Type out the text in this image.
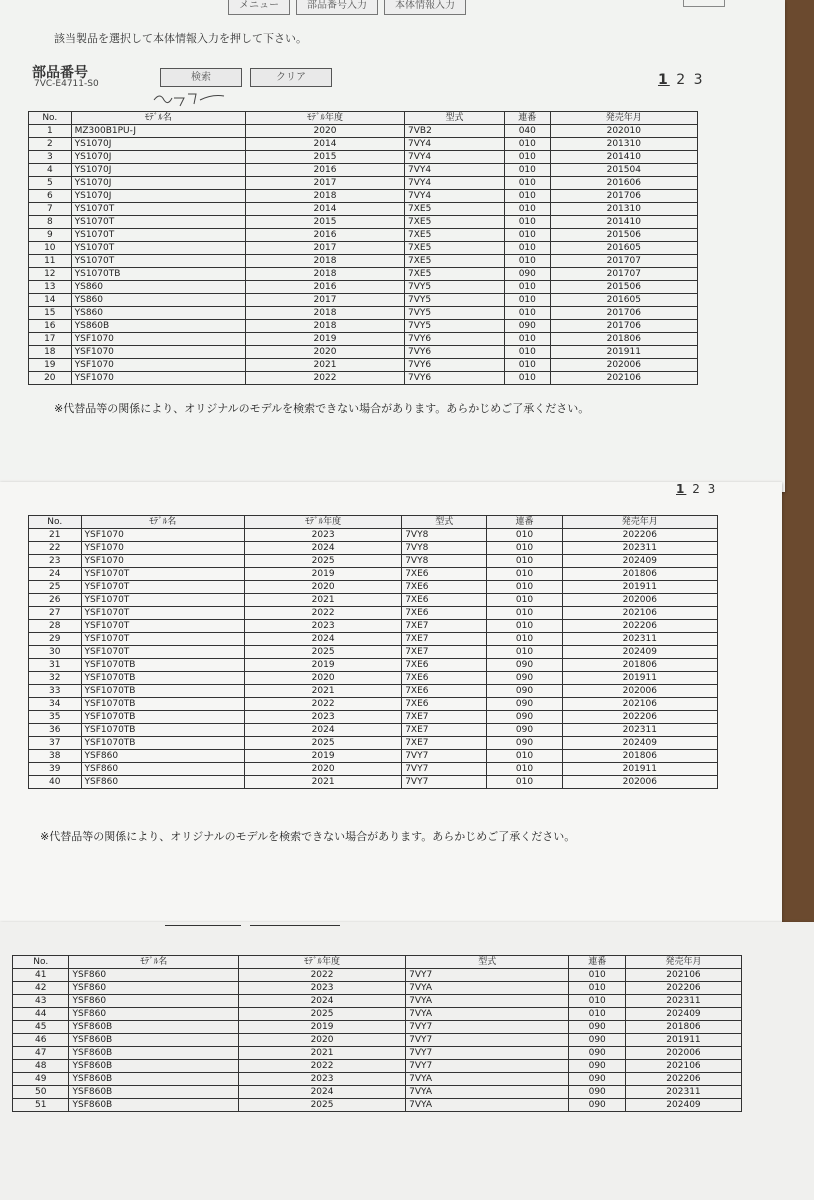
メニュー	部品番号入力	本体情報入力
該当製品を選択して本体情報入力を押して下さい。
部品番号
7VC-E4711-S0
検索	クリア	1 2 3
No.	ﾓﾃﾞﾙ名	ﾓﾃﾞﾙ年度	型式	連番	発売年月
1	MZ300B1PU-J	2020	7VB2	040	202010
2	YS1070J	2014	7VY4	010	201310
3	YS1070J	2015	7VY4	010	201410
4	YS1070J	2016	7VY4	010	201504
5	YS1070J	2017	7VY4	010	201606
6	YS1070J	2018	7VY4	010	201706
7	YS1070T	2014	7XE5	010	201310
8	YS1070T	2015	7XE5	010	201410
9	YS1070T	2016	7XE5	010	201506
10	YS1070T	2017	7XE5	010	201605
11	YS1070T	2018	7XE5	010	201707
12	YS1070TB	2018	7XE5	090	201707
13	YS860	2016	7VY5	010	201506
14	YS860	2017	7VY5	010	201605
15	YS860	2018	7VY5	010	201706
16	YS860B	2018	7VY5	090	201706
17	YSF1070	2019	7VY6	010	201806
18	YSF1070	2020	7VY6	010	201911
19	YSF1070	2021	7VY6	010	202006
20	YSF1070	2022	7VY6	010	202106
※代替品等の関係により、オリジナルのモデルを検索できない場合があります。あらかじめご了承ください。
1 2 3
No.	ﾓﾃﾞﾙ名	ﾓﾃﾞﾙ年度	型式	連番	発売年月
21	YSF1070	2023	7VY8	010	202206
22	YSF1070	2024	7VY8	010	202311
23	YSF1070	2025	7VY8	010	202409
24	YSF1070T	2019	7XE6	010	201806
25	YSF1070T	2020	7XE6	010	201911
26	YSF1070T	2021	7XE6	010	202006
27	YSF1070T	2022	7XE6	010	202106
28	YSF1070T	2023	7XE7	010	202206
29	YSF1070T	2024	7XE7	010	202311
30	YSF1070T	2025	7XE7	010	202409
31	YSF1070TB	2019	7XE6	090	201806
32	YSF1070TB	2020	7XE6	090	201911
33	YSF1070TB	2021	7XE6	090	202006
34	YSF1070TB	2022	7XE6	090	202106
35	YSF1070TB	2023	7XE7	090	202206
36	YSF1070TB	2024	7XE7	090	202311
37	YSF1070TB	2025	7XE7	090	202409
38	YSF860	2019	7VY7	010	201806
39	YSF860	2020	7VY7	010	201911
40	YSF860	2021	7VY7	010	202006
※代替品等の関係により、オリジナルのモデルを検索できない場合があります。あらかじめご了承ください。
No.	ﾓﾃﾞﾙ名	ﾓﾃﾞﾙ年度	型式	連番	発売年月
41	YSF860	2022	7VY7	010	202106
42	YSF860	2023	7VYA	010	202206
43	YSF860	2024	7VYA	010	202311
44	YSF860	2025	7VYA	010	202409
45	YSF860B	2019	7VY7	090	201806
46	YSF860B	2020	7VY7	090	201911
47	YSF860B	2021	7VY7	090	202006
48	YSF860B	2022	7VY7	090	202106
49	YSF860B	2023	7VYA	090	202206
50	YSF860B	2024	7VYA	090	202311
51	YSF860B	2025	7VYA	090	202409
